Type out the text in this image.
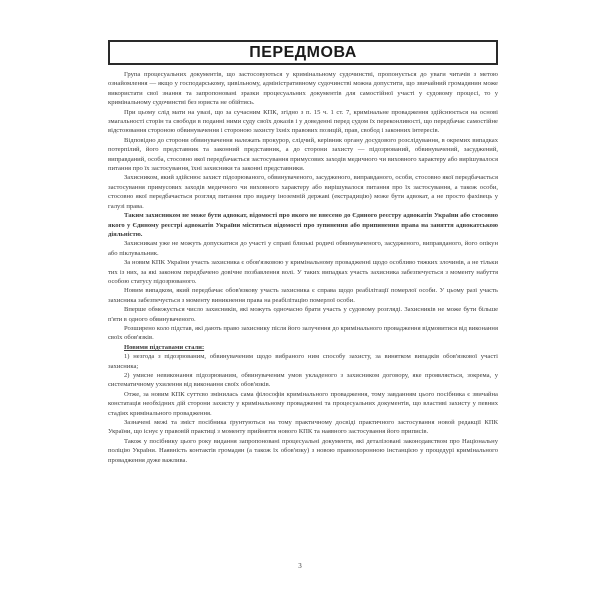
ПЕРЕДМОВА

Група процесуальних документів, що застосовуються у кримінальному судочинстві, пропонується до уваги читачів з метою ознайомлення — якщо у господарському, цивільному, адміністративному судочинстві можна допустити, що звичайний громадянин може використати свої знання та запропоновані зразки процесуальних документів для самостійної участі у судовому процесі, то у кримінальному судочинстві без юриста не обійтись.

При цьому слід мати на увазі, що за сучасним КПК, згідно з п. 15 ч. 1 ст. 7, кримінальне провадження здійснюється на основі змагальності сторін та свободи в поданні ними суду своїх доказів і у доведенні перед судом їх переконливості, що передбачає самостійне відстоювання стороною обвинувачення і стороною захисту їхніх правових позицій, прав, свобод і законних інтересів.

Відповідно до сторони обвинувачення належать прокурор, слідчий, керівник органу досудового розслідування, в окремих випадках потерпілий, його представник та законний представник, а до сторони захисту — підозрюваний, обвинувачений, засуджений, виправданий, особа, стосовно якої передбачається застосування примусових заходів медичного чи виховного характеру або вирішувалося питання про їх застосування, їхні захисники та законні представники.

Захисником, який здійснює захист підозрюваного, обвинуваченого, засудженого, виправданого, особи, стосовно якої передбачається застосування примусових заходів медичного чи виховного характеру або вирішувалося питання про їх застосування, а також особи, стосовно якої передбачається розгляд питання про видачу іноземній державі (екстрадицію) може бути адвокат, а не просто фахівець у галузі права.

Таким захисником не може бути адвокат, відомості про якого не внесено до Єдиного реєстру адвокатів України або стосовно якого у Єдиному реєстрі адвокатів України містяться відомості про зупинення або припинення права на заняття адвокатською діяльністю.

Захисникам уже не можуть допускатися до участі у справі близькі родичі обвинуваченого, засудженого, виправданого, його опікун або піклувальник.

За новим КПК України участь захисника є обов'язковою у кримінальному провадженні щодо особливо тяжких злочинів, а не тільки тих із них, за які законом передбачено довічне позбавлення волі. У таких випадках участь захисника забезпечується з моменту набуття особою статусу підозрюваного.

Новим випадком, який передбачає обов'язкову участь захисника є справа щодо реабілітації померлої особи. У цьому разі участь захисника забезпечується з моменту виникнення права на реабілітацію померлої особи.

Вперше обмежується число захисників, які можуть одночасно брати участь у судовому розгляді. Захисників не може бути більше п'яти в одного обвинуваченого.

Розширено коло підстав, які дають право захиснику після його залучення до кримінального провадження відмовитися від виконання своїх обов'язків.

Новими підставами стали:

1) незгода з підозрюваним, обвинуваченим щодо вибраного ним способу захисту, за винятком випадків обов'язкової участі захисника;

2) умисне невиконання підозрюваним, обвинуваченим умов укладеного з захисником договору, яке проявляється, зокрема, у систематичному ухилення від виконання своїх обов'язків.

Отже, за новим КПК суттєво змінилась сама філософія кримінального провадження, тому завданням цього посібника є звичайна констатація необхідних дій сторони захисту у кримінальному провадженні та процесуальних документів, що властиві захисту у певних стадіях кримінального провадження.

Зазначені межі та зміст посібника ґрунтуються на тому практичному досвіді практичного застосування новой редакції КПК України, що існує у правовій практиці з моменту прийняття нового КПК та наявного застосування його приписів.

Також у посібнику цього року видання запропоновані процесуальні документи, які деталізовані законодавством про Національну поліцію України. Наявність контактів громадян (а також їх обов'язку) з новою правоохоронною інстанцією у процедурі кримінального провадження дуже важлива.

3
